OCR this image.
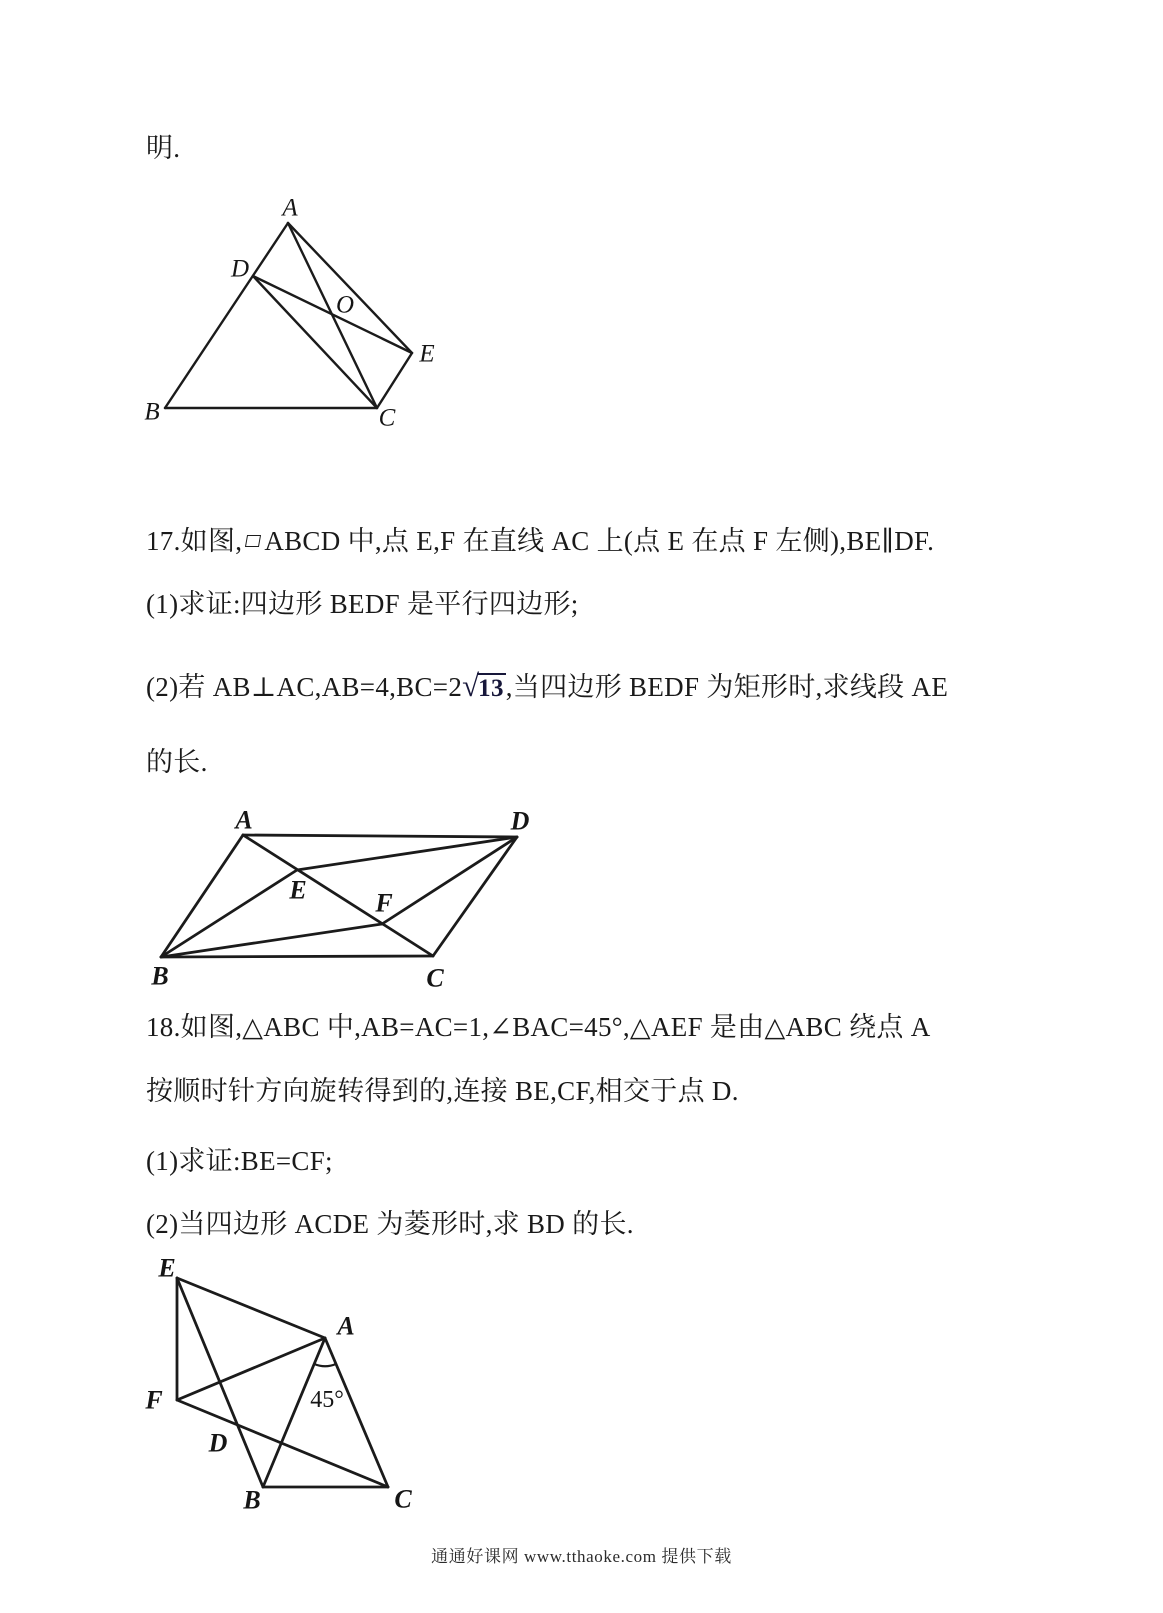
明.
A
D
O
E
B	C
17.如图, ABCD 中,点 E,F 在直线 AC 上(点 E 在点 F 左侧),BE∥DF.
(1)求证:四边形 BEDF 是平行四边形;
(2)若 AB⊥AC,AB=4,BC=2√13,当四边形 BEDF 为矩形时,求线段 AE
的长.
A	D
B	C
E	F
18.如图,△ABC 中,AB=AC=1,∠BAC=45°,△AEF 是由△ABC 绕点 A
按顺时针方向旋转得到的,连接 BE,CF,相交于点 D.
(1)求证:BE=CF;
(2)当四边形 ACDE 为菱形时,求 BD 的长.
E
A
F
D
B	C
45°
通通好课网 www.tthaoke.com 提供下载
